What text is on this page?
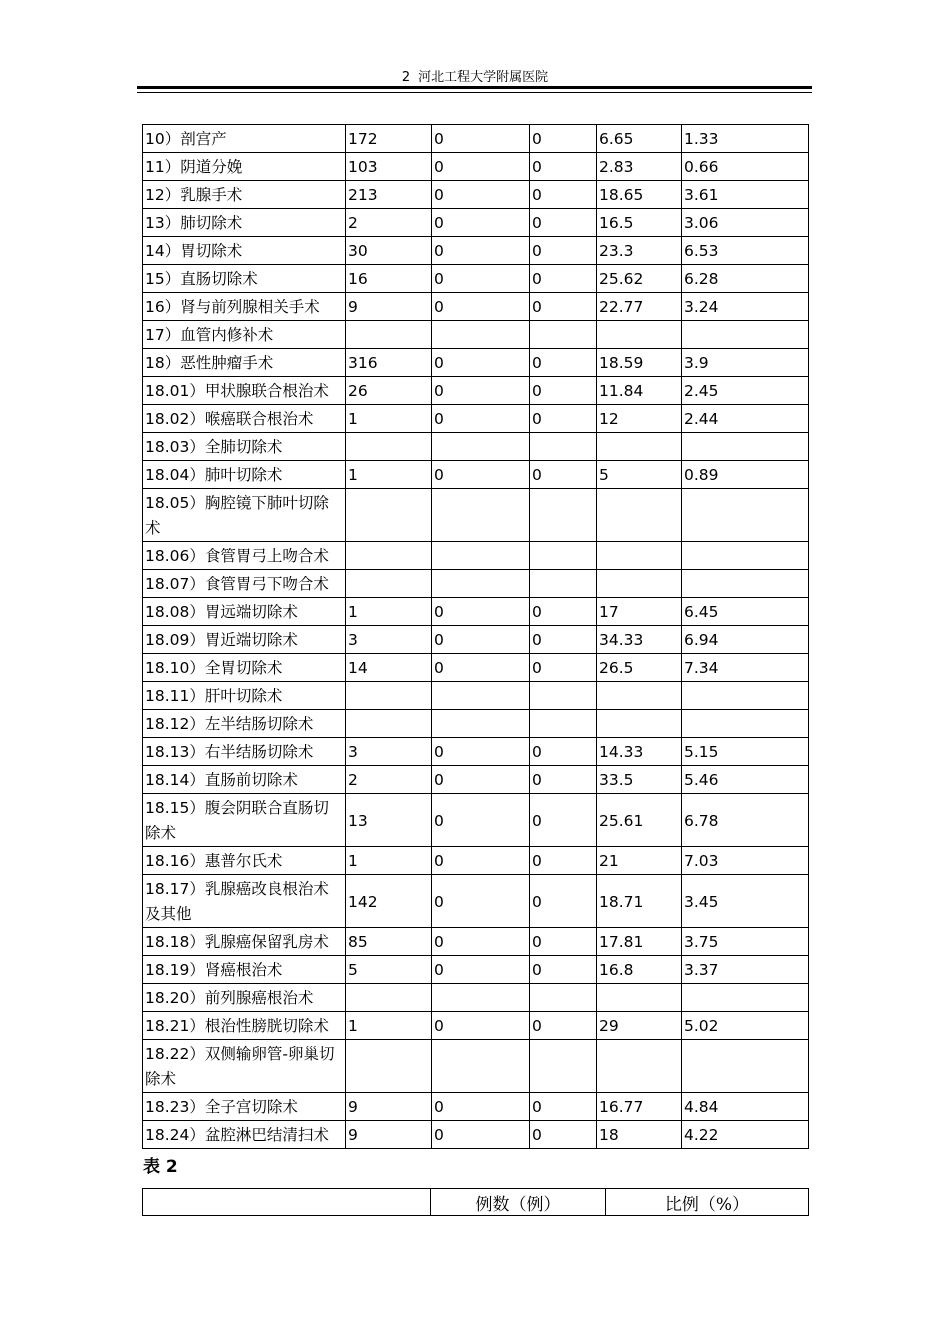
2 河北工程大学附属医院
10）剖宫产	172	0	0	6.65	1.33
11）阴道分娩	103	0	0	2.83	0.66
12）乳腺手术	213	0	0	18.65	3.61
13）肺切除术	2	0	0	16.5	3.06
14）胃切除术	30	0	0	23.3	6.53
15）直肠切除术	16	0	0	25.62	6.28
16）肾与前列腺相关手术	9	0	0	22.77	3.24
17）血管内修补术					
18）恶性肿瘤手术	316	0	0	18.59	3.9
18.01）甲状腺联合根治术	26	0	0	11.84	2.45
18.02）喉癌联合根治术	1	0	0	12	2.44
18.03）全肺切除术					
18.04）肺叶切除术	1	0	0	5	0.89
18.05）胸腔镜下肺叶切除术					
18.06）食管胃弓上吻合术					
18.07）食管胃弓下吻合术					
18.08）胃远端切除术	1	0	0	17	6.45
18.09）胃近端切除术	3	0	0	34.33	6.94
18.10）全胃切除术	14	0	0	26.5	7.34
18.11）肝叶切除术					
18.12）左半结肠切除术					
18.13）右半结肠切除术	3	0	0	14.33	5.15
18.14）直肠前切除术	2	0	0	33.5	5.46
18.15）腹会阴联合直肠切除术	13	0	0	25.61	6.78
18.16）惠普尔氏术	1	0	0	21	7.03
18.17）乳腺癌改良根治术及其他	142	0	0	18.71	3.45
18.18）乳腺癌保留乳房术	85	0	0	17.81	3.75
18.19）肾癌根治术	5	0	0	16.8	3.37
18.20）前列腺癌根治术					
18.21）根治性膀胱切除术	1	0	0	29	5.02
18.22）双侧输卵管-卵巢切除术					
18.23）全子宫切除术	9	0	0	16.77	4.84
18.24）盆腔淋巴结清扫术	9	0	0	18	4.22
表 2
	例数（例）	比例（%）
